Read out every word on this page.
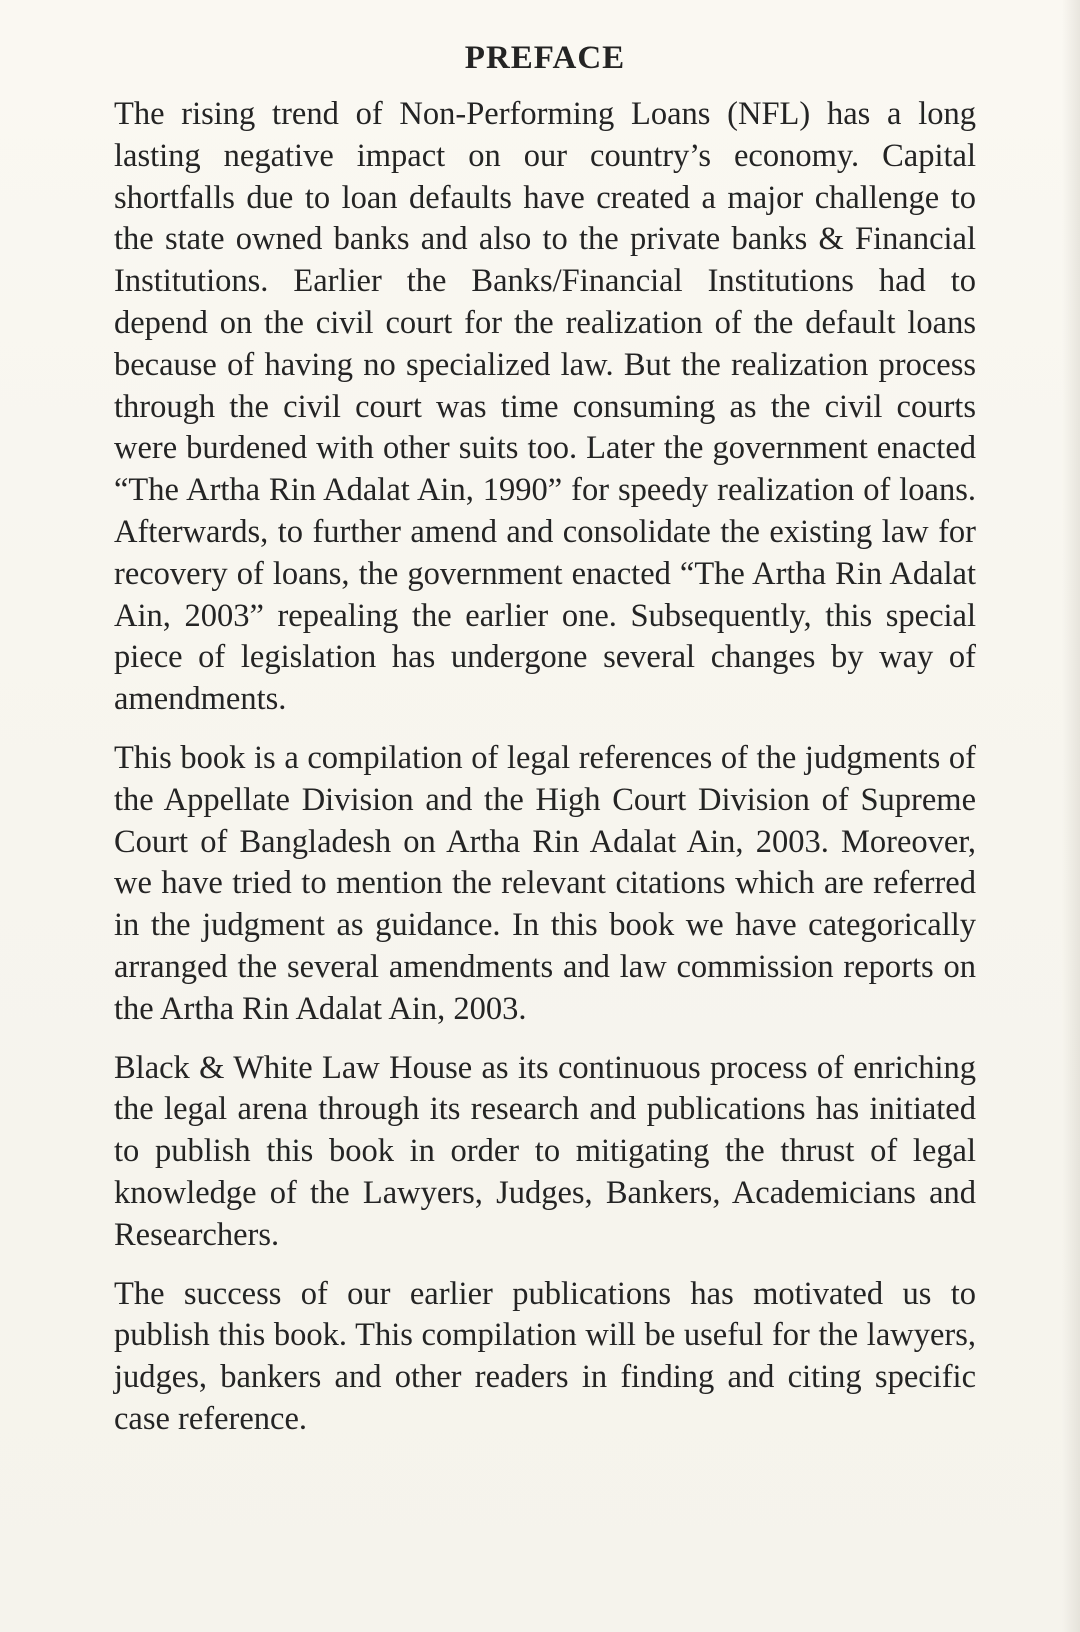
PREFACE

The rising trend of Non-Performing Loans (NFL) has a long lasting negative impact on our country’s economy. Capital shortfalls due to loan defaults have created a major challenge to the state owned banks and also to the private banks & Financial Institutions. Earlier the Banks/Financial Institutions had to depend on the civil court for the realization of the default loans because of having no specialized law. But the realization process through the civil court was time consuming as the civil courts were burdened with other suits too. Later the government enacted “The Artha Rin Adalat Ain, 1990” for speedy realization of loans. Afterwards, to further amend and consolidate the existing law for recovery of loans, the government enacted “The Artha Rin Adalat Ain, 2003” repealing the earlier one. Subsequently, this special piece of legislation has undergone several changes by way of amendments.

This book is a compilation of legal references of the judgments of the Appellate Division and the High Court Division of Supreme Court of Bangladesh on Artha Rin Adalat Ain, 2003. Moreover, we have tried to mention the relevant citations which are referred in the judgment as guidance. In this book we have categorically arranged the several amendments and law commission reports on the Artha Rin Adalat Ain, 2003.

Black & White Law House as its continuous process of enriching the legal arena through its research and publications has initiated to publish this book in order to mitigating the thrust of legal knowledge of the Lawyers, Judges, Bankers, Academicians and Researchers.

The success of our earlier publications has motivated us to publish this book. This compilation will be useful for the lawyers, judges, bankers and other readers in finding and citing specific case reference.
